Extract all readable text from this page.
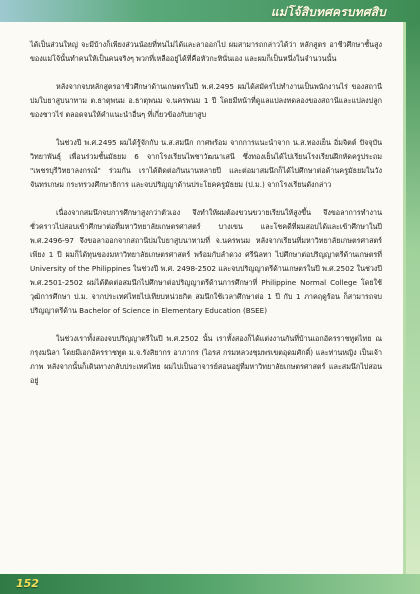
แม่โจ้สิบทศครบทศสิบ

ได้เป็นส่วนใหญ่ จะมีบ้างก็เพียงส่วนน้อยที่ทนไม่ได้และลาออกไป ผมสามารถกล่าวได้ว่า หลักสูตร อาชีวศึกษาชั้นสูงของแม่โจ้นั้นทำคนให้เป็นคนจริงๆ พวกที่เหลืออยู่ได้ที่คือหัวกะทินั่นเอง และผมก็เป็นหนึ่งในจำนวนนั้น

หลังจากจบหลักสูตรอาชีวศึกษาด้านเกษตรในปี พ.ศ.2495 ผมได้สมัครไปทำงานเป็นพนักงานไร่ ของสถานีบ่มใบยาสูบนาทาม ต.ธาตุพนม อ.ธาตุพนม จ.นครพนม 1 ปี โดยมีหน้าที่ดูแลแปลงทดลองของสถานีและแปลงปลูกของชาวไร่ ตลอดจนให้คำแนะนำอื่นๆ ที่เกี่ยวข้องกับยาสูบ

ในช่วงปี พ.ศ.2495 ผมได้รู้จักกับ น.ส.สมนึก กาศพร้อม จากการแนะนำจาก น.ส.ทองเย็น อิ่มจิตต์ ปัจจุบันวิทยาพันธุ์ เพื่อนร่วมชั้นมัธยม 6 จากโรงเรียนไพชาวัฒนาเสนี ซึ่งทองเย็นได้ไปเรียนโรงเรียนฝึกหัดครูประถม "เพชรบุรีวิทยาลงกรณ์" ร่วมกัน เราได้ติดต่อกันนานหลายปี และต่อมาสมนึกก็ได้ไปศึกษาต่อด้านครูมัธยมในวังจันทรเกษม กระทรวงศึกษาธิการ และจบปริญญาด้านประโยคครูมัธยม (ป.ม.) จากโรงเรียนดังกล่าว

เนื่องจากสมนึกจบการศึกษาสูงกว่าตัวเอง จึงทำให้ผมต้องขวนขวายเรียนให้สูงขึ้น จึงขอลาการทำงานชั่วคราวไปสอบเข้าศึกษาต่อที่มหาวิทยาลัยเกษตรศาสตร์ บางเขน และโชคดีที่ผมสอบได้และเข้าศึกษาในปี พ.ศ.2496-97 จึงขอลาออกจากสถานีบ่มใบยาสูบนาทามที่ จ.นครพนม หลังจากเรียนที่มหาวิทยาลัยเกษตรศาสตร์ เพียง 1 ปี ผมก็ได้ทุนของมหาวิทยาลัยเกษตรศาสตร์ พร้อมกับลำดวง ศรีนิลทา ไปศึกษาต่อปริญญาตรีด้านเกษตรที่ University of the Philippines ในช่วงปี พ.ศ. 2498-2502 และจบปริญญาตรีด้านเกษตรในปี พ.ศ.2502 ในช่วงปี พ.ศ.2501-2502 ผมได้ติดต่อสมนึกไปศึกษาต่อปริญญาตรีด้านการศึกษาที่ Philippine Normal College โดยใช้วุฒิการศึกษา ป.ม. จากประเทศไทยไปเทียบหน่วยกิต สมนึกใช้เวลาศึกษาต่อ 1 ปี กับ 1 ภาคฤดูร้อน ก็สามารถจบปริญญาตรีด้าน Bachelor of Science in Elementary Education (BSEE)

ในช่วงเราทั้งสองจบปริญญาตรีในปี พ.ศ.2502 นั้น เราทั้งสองก็ได้แต่งงานกันที่บ้านเอกอัครราชทูตไทย ณ กรุงมนิลา โดยมีเอกอัครราชทูต ม.จ.รังสิยากร อาภากร (ไอรส กรมหลวงชุมพรเขตอุดมศักดิ์) และท่านหญิง เป็นเจ้าภาพ หลังจากนั้นก็เดินทางกลับประเทศไทย ผมไปเป็นอาจารย์สอนอยู่ที่มหาวิทยาลัยเกษตรศาสตร์ และสมนึกไปสอนอยู่

152
